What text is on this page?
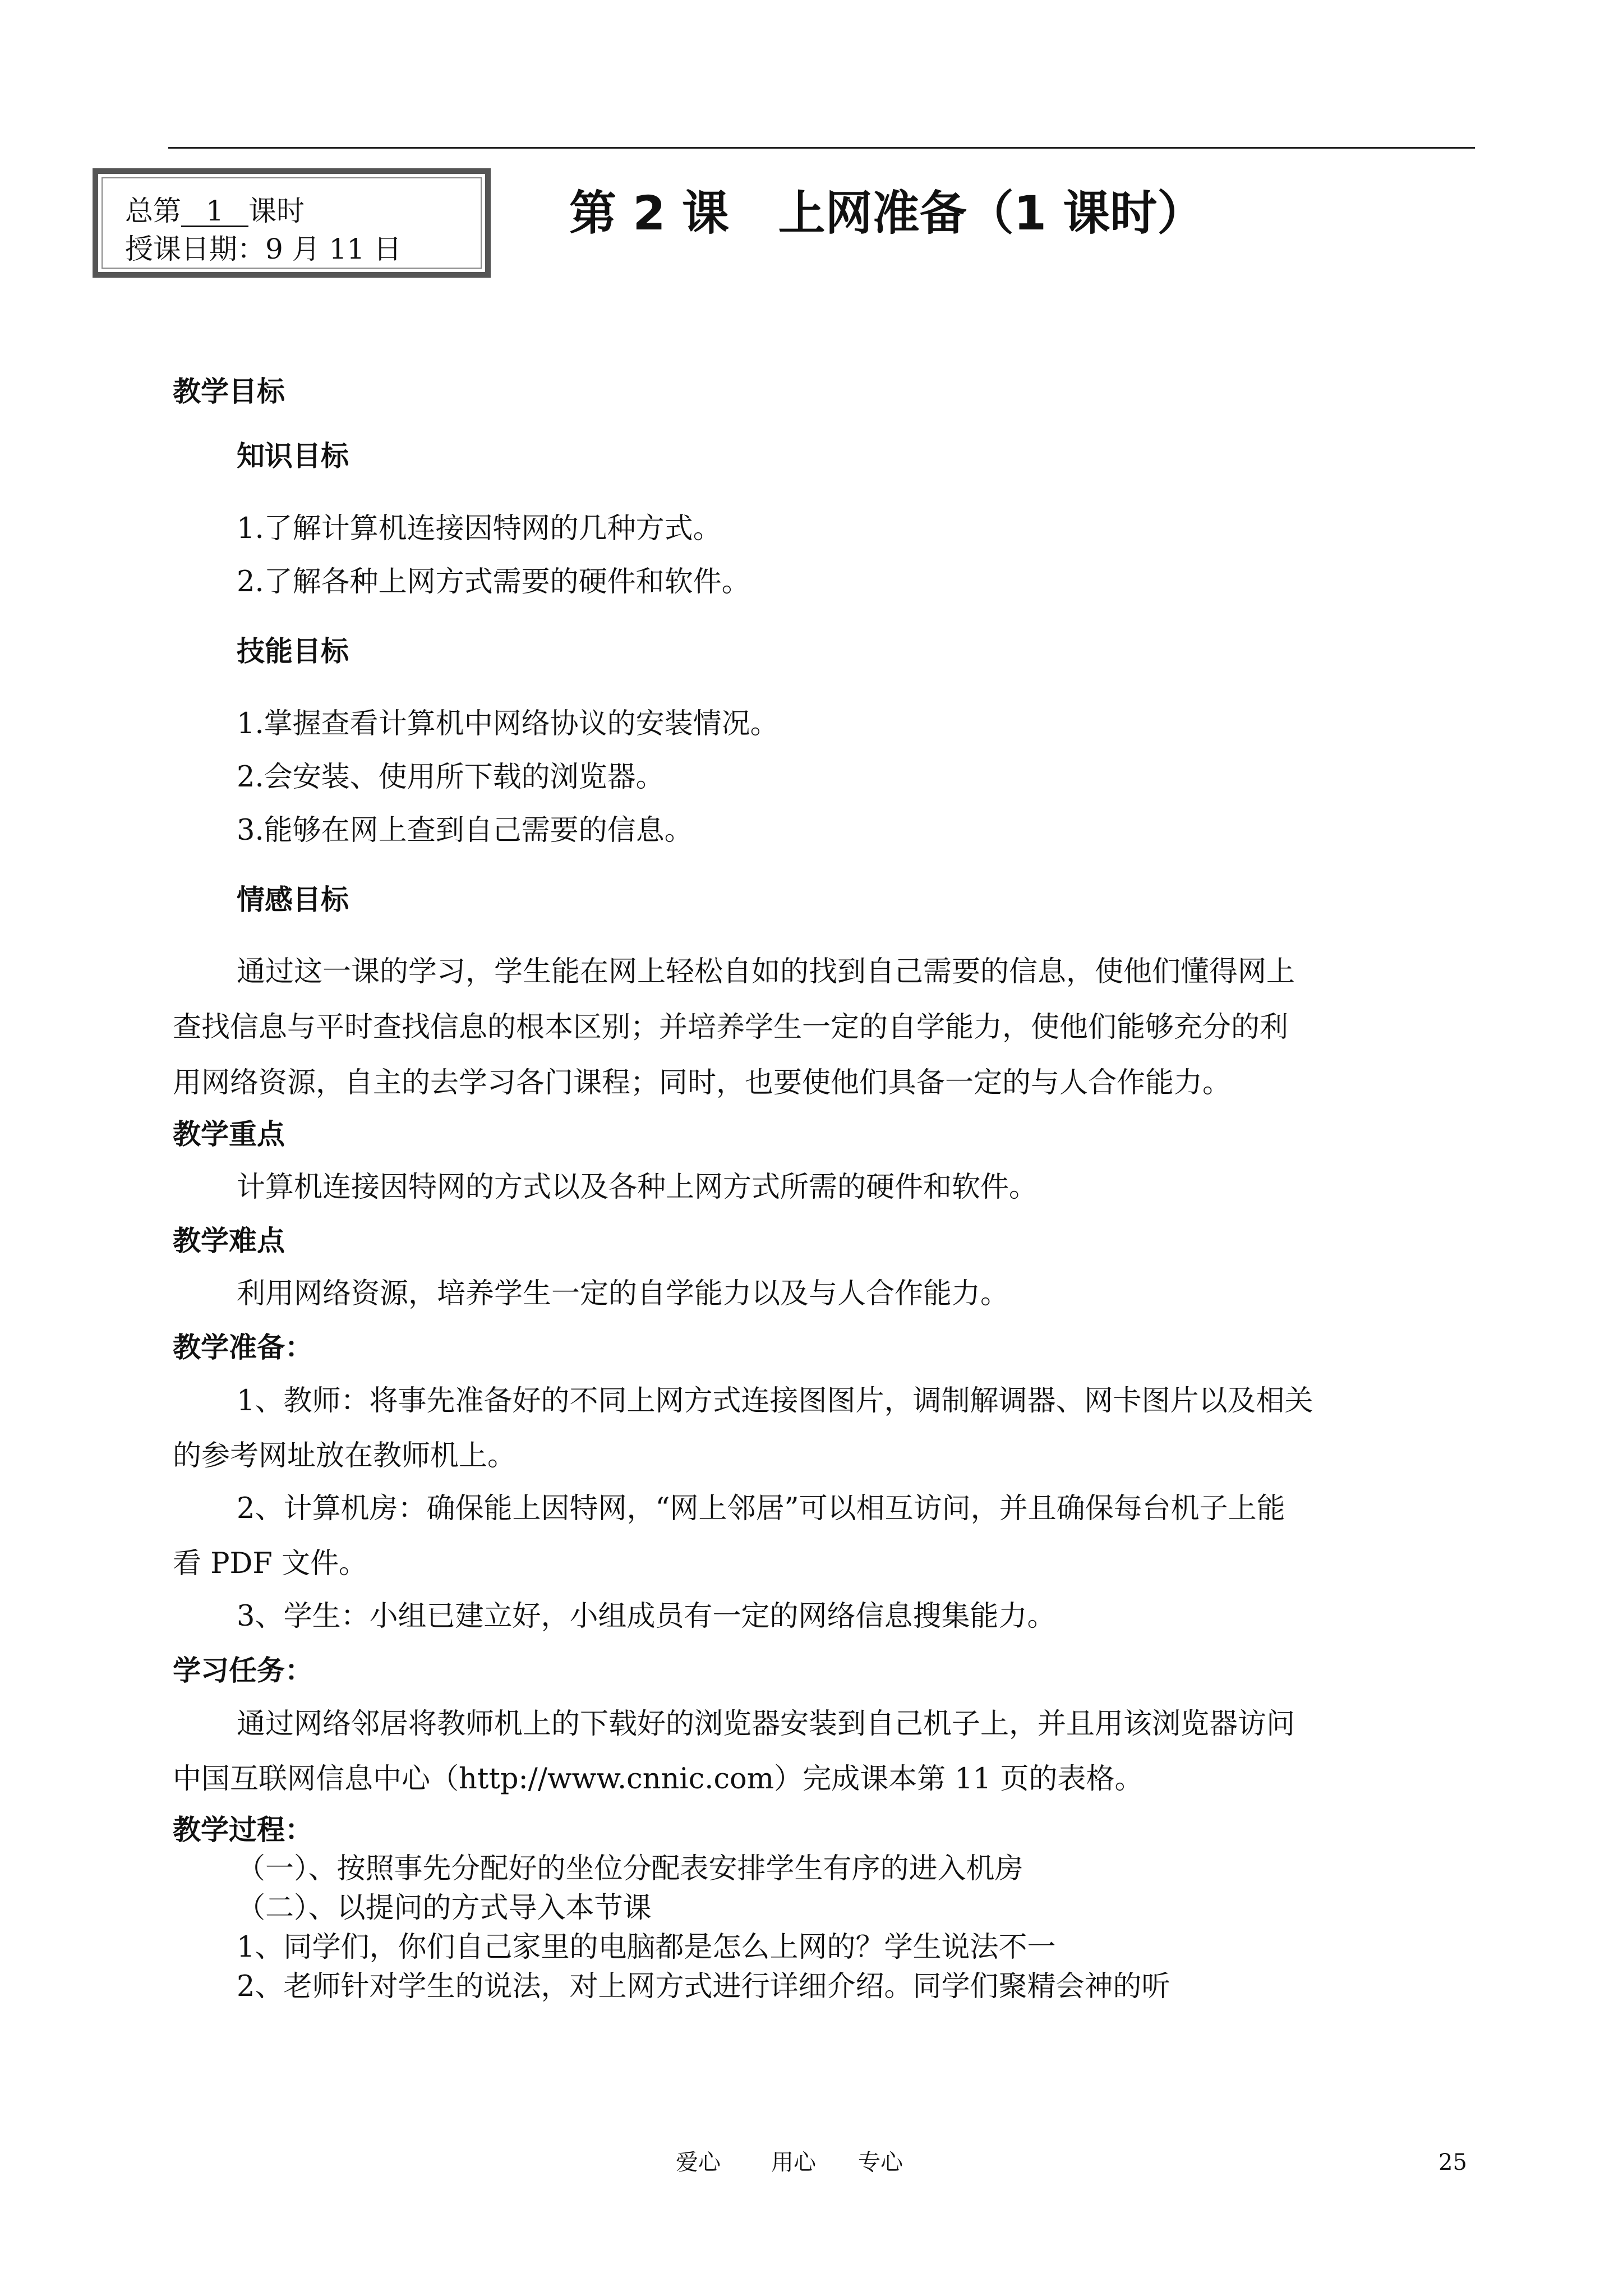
总第 1 课时
授课日期：9 月 11 日
第 2 课 上网准备（1 课时）
教学目标
知识目标
1.了解计算机连接因特网的几种方式。
2.了解各种上网方式需要的硬件和软件。
技能目标
1.掌握查看计算机中网络协议的安装情况。
2.会安装、使用所下载的浏览器。
3.能够在网上查到自己需要的信息。
情感目标
通过这一课的学习，学生能在网上轻松自如的找到自己需要的信息，使他们懂得网上
查找信息与平时查找信息的根本区别；并培养学生一定的自学能力，使他们能够充分的利
用网络资源，自主的去学习各门课程；同时，也要使他们具备一定的与人合作能力。
教学重点
计算机连接因特网的方式以及各种上网方式所需的硬件和软件。
教学难点
利用网络资源，培养学生一定的自学能力以及与人合作能力。
教学准备：
1、教师：将事先准备好的不同上网方式连接图图片，调制解调器、网卡图片以及相关
的参考网址放在教师机上。
2、计算机房：确保能上因特网，“网上邻居”可以相互访问，并且确保每台机子上能
看 PDF 文件。
3、学生：小组已建立好，小组成员有一定的网络信息搜集能力。
学习任务：
通过网络邻居将教师机上的下载好的浏览器安装到自己机子上，并且用该浏览器访问
中国互联网信息中心（http://www.cnnic.com）完成课本第 11 页的表格。
教学过程：
（一）、按照事先分配好的坐位分配表安排学生有序的进入机房
（二）、以提问的方式导入本节课
1、同学们，你们自己家里的电脑都是怎么上网的？学生说法不一
2、老师针对学生的说法，对上网方式进行详细介绍。同学们聚精会神的听
爱心 用心 专心	25
